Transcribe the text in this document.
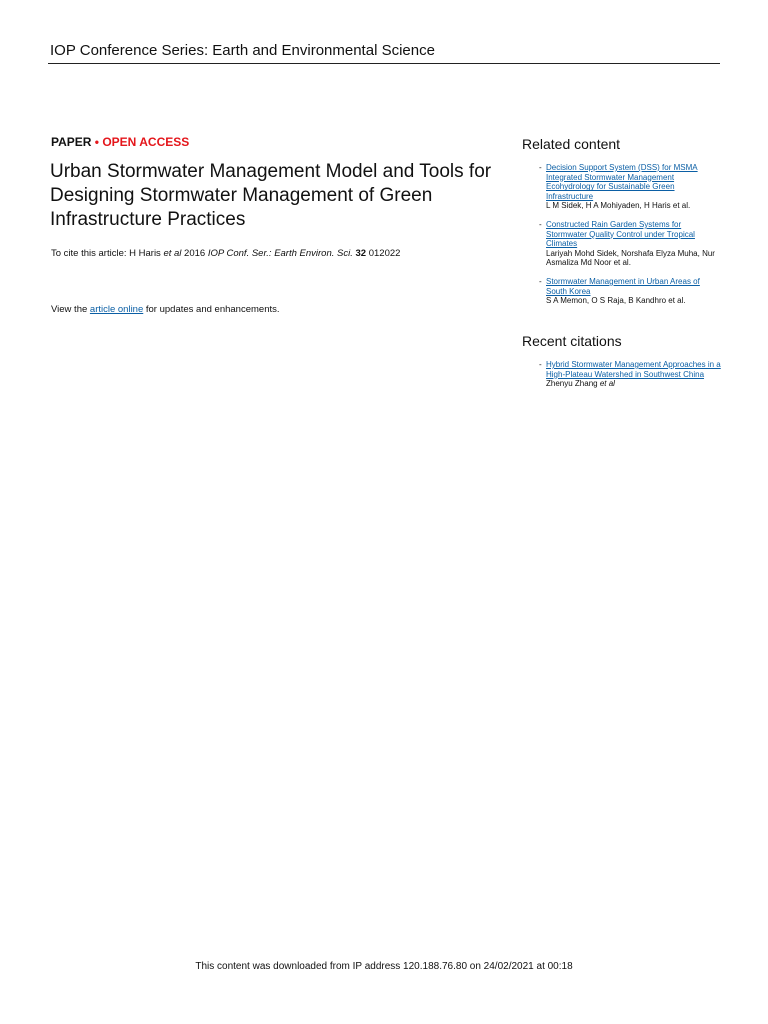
IOP Conference Series: Earth and Environmental Science
PAPER • OPEN ACCESS
Urban Stormwater Management Model and Tools for Designing Stormwater Management of Green Infrastructure Practices
To cite this article: H Haris et al 2016 IOP Conf. Ser.: Earth Environ. Sci. 32 012022
View the article online for updates and enhancements.
Related content
- Decision Support System (DSS) for MSMA Integrated Stormwater Management Ecohydrology for Sustainable Green Infrastructure
L M Sidek, H A Mohiyaden, H Haris et al.
- Constructed Rain Garden Systems for Stormwater Quality Control under Tropical Climates
Lariyah Mohd Sidek, Norshafa Elyza Muha, Nur Asmaliza Md Noor et al.
- Stormwater Management in Urban Areas of South Korea
S A Memon, O S Raja, B Kandhro et al.
Recent citations
- Hybrid Stormwater Management Approaches in a High-Plateau Watershed in Southwest China
Zhenyu Zhang et al
This content was downloaded from IP address 120.188.76.80 on 24/02/2021 at 00:18
